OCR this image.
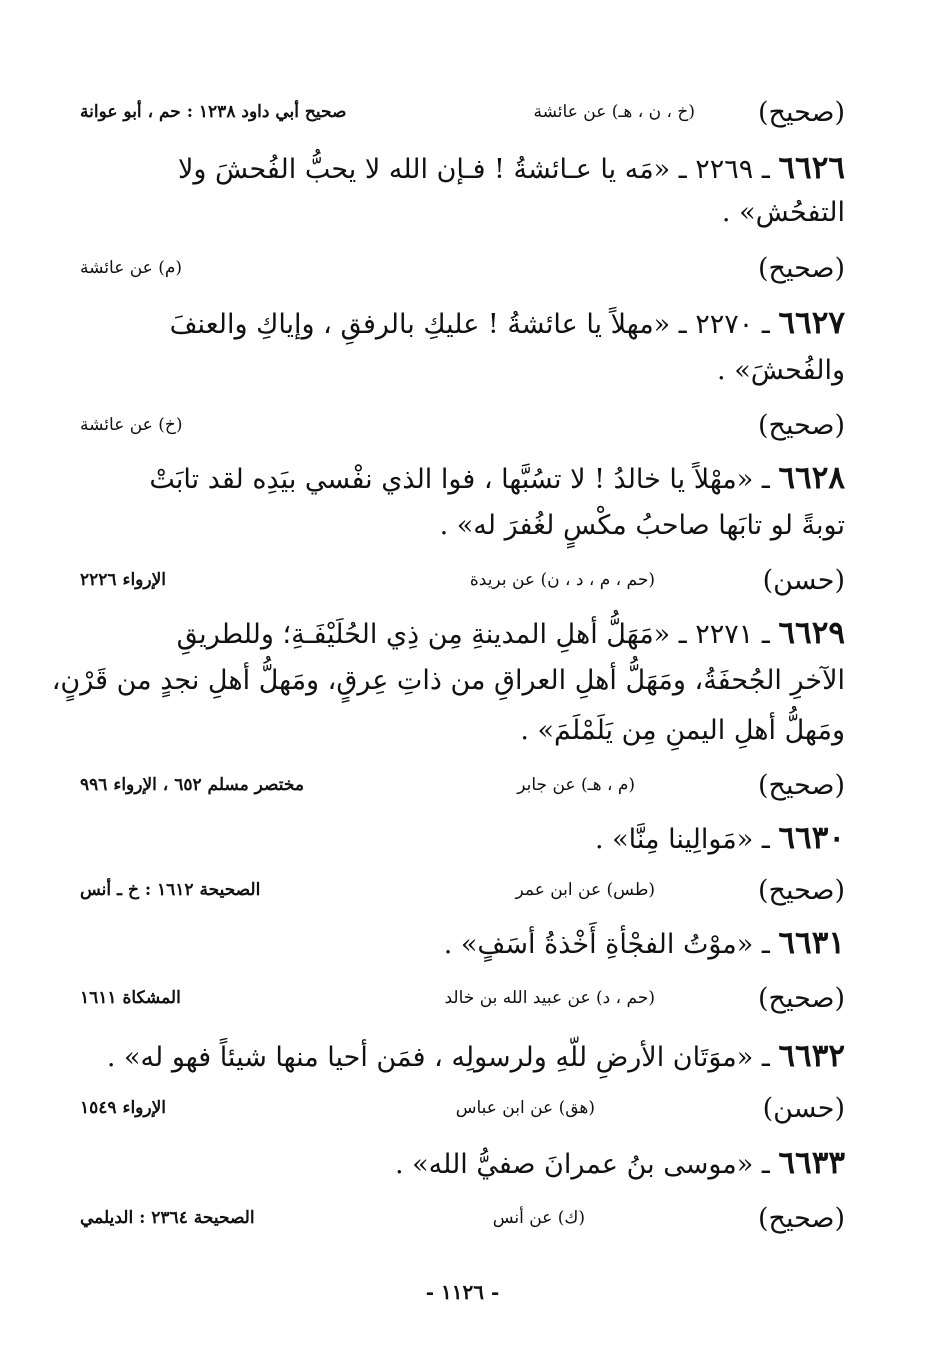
(صحيح)
(خ ، ن ، هـ) عن عائشة
صحيح أبي داود ١٢٣٨ : حم ، أبو عوانة
٦٦٢٦ ـ ٢٢٦٩ ـ «مَه يا عـائشةُ ! فـإن الله لا يحبُّ الفُحشَ ولا
التفحُش» .
(صحيح)
(م) عن عائشة
٦٦٢٧ ـ ٢٢٧٠ ـ «مهلاً يا عائشةُ ! عليكِ بالرفقِ ، وإياكِ والعنفَ
والفُحشَ» .
(صحيح)
(خ) عن عائشة
٦٦٢٨ ـ «مهْلاً يا خالدُ ! لا تسُبَّها ، فوا الذي نفْسي بيَدِه لقد تابَتْ
توبةً لو تابَها صاحبُ مكْسٍ لغُفرَ له» .
(حسن)
(حم ، م ، د ، ن) عن بريدة
الإرواء ٢٢٢٦
٦٦٢٩ ـ ٢٢٧١ ـ «مَهَلُّ أهلِ المدينةِ مِن ذِي الحُلَيْفَـةِ؛ وللطريقِ
الآخرِ الجُحفَةُ، ومَهَلُّ أهلِ العراقِ من ذاتِ عِرقٍ، ومَهلُّ أهلِ نجدٍ من قَرْنٍ،
ومَهلُّ أهلِ اليمنِ مِن يَلَمْلَمَ» .
(صحيح)
(م ، هـ) عن جابر
مختصر مسلم ٦٥٢ ، الإرواء ٩٩٦
٦٦٣٠ ـ «مَوالِينا مِنَّا» .
(صحيح)
(طس) عن ابن عمر
الصحيحة ١٦١٢ : خ ـ أنس
٦٦٣١ ـ «موْتُ الفجْأةِ أَخْذةُ أسَفٍ» .
(صحيح)
(حم ، د) عن عبيد الله بن خالد
المشكاة ١٦١١
٦٦٣٢ ـ «موَتَان الأرضِ للّهِ ولرسولِه ، فمَن أحيا منها شيئاً فهو له» .
(حسن)
(هق) عن ابن عباس
الإرواء ١٥٤٩
٦٦٣٣ ـ «موسى بنُ عمرانَ صفيُّ الله» .
(صحيح)
(ك) عن أنس
الصحيحة ٢٣٦٤ : الديلمي
- ١١٢٦ -
